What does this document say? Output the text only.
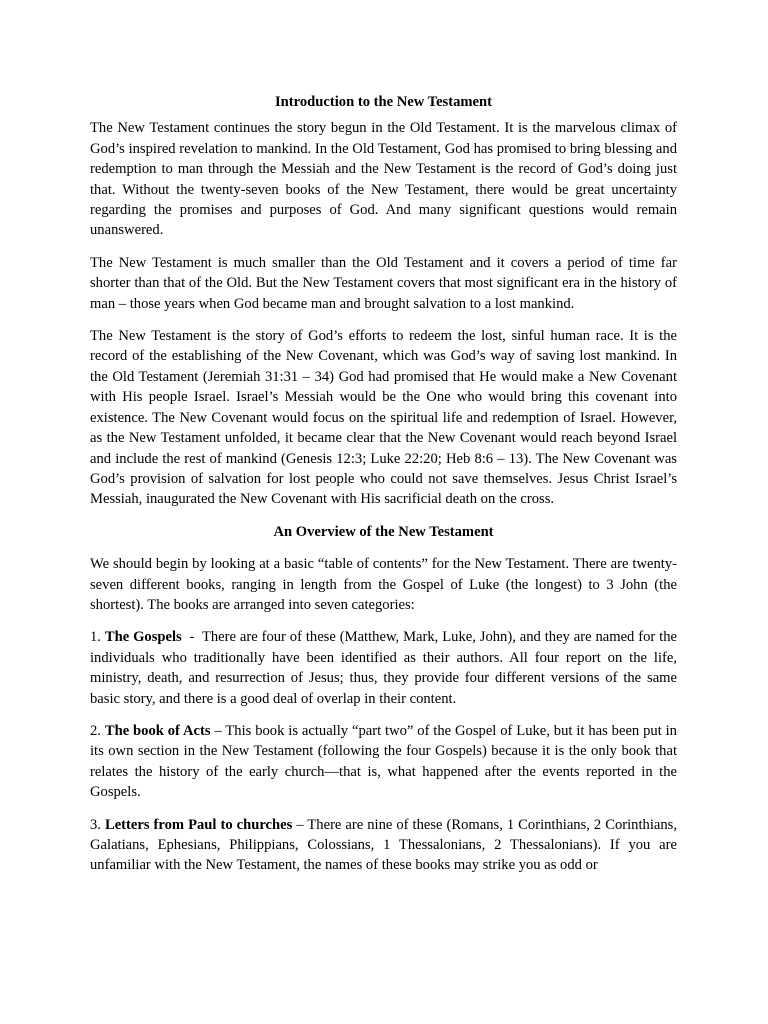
Introduction to the New Testament

The New Testament continues the story begun in the Old Testament. It is the marvelous climax of God’s inspired revelation to mankind. In the Old Testament, God has promised to bring blessing and redemption to man through the Messiah and the New Testament is the record of God’s doing just that. Without the twenty-seven books of the New Testament, there would be great uncertainty regarding the promises and purposes of God. And many significant questions would remain unanswered.

The New Testament is much smaller than the Old Testament and it covers a period of time far shorter than that of the Old. But the New Testament covers that most significant era in the history of man – those years when God became man and brought salvation to a lost mankind.

The New Testament is the story of God’s efforts to redeem the lost, sinful human race. It is the record of the establishing of the New Covenant, which was God’s way of saving lost mankind. In the Old Testament (Jeremiah 31:31 – 34) God had promised that He would make a New Covenant with His people Israel. Israel’s Messiah would be the One who would bring this covenant into existence. The New Covenant would focus on the spiritual life and redemption of Israel. However, as the New Testament unfolded, it became clear that the New Covenant would reach beyond Israel and include the rest of mankind (Genesis 12:3; Luke 22:20; Heb 8:6 – 13). The New Covenant was God’s provision of salvation for lost people who could not save themselves. Jesus Christ Israel’s Messiah, inaugurated the New Covenant with His sacrificial death on the cross.

An Overview of the New Testament

We should begin by looking at a basic “table of contents” for the New Testament. There are twenty-seven different books, ranging in length from the Gospel of Luke (the longest) to 3 John (the shortest). The books are arranged into seven categories:

1. The Gospels  -  There are four of these (Matthew, Mark, Luke, John), and they are named for the individuals who traditionally have been identified as their authors. All four report on the life, ministry, death, and resurrection of Jesus; thus, they provide four different versions of the same basic story, and there is a good deal of overlap in their content.

2. The book of Acts – This book is actually “part two” of the Gospel of Luke, but it has been put in its own section in the New Testament (following the four Gospels) because it is the only book that relates the history of the early church—that is, what happened after the events reported in the Gospels.

3. Letters from Paul to churches – There are nine of these (Romans, 1 Corinthians, 2 Corinthians, Galatians, Ephesians, Philippians, Colossians, 1 Thessalonians, 2 Thessalonians). If you are unfamiliar with the New Testament, the names of these books may strike you as odd or
